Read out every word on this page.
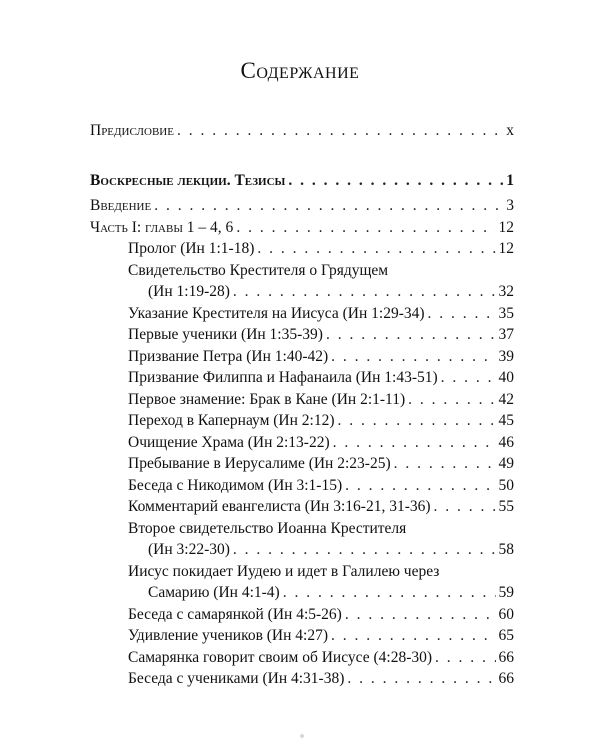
Содержание
Предисловие . . .	x
Воскресные лекции. Тезисы . . .	1
Введение . . .	3
Часть I: главы 1 – 4, 6 . . .	12
Пролог (Ин 1:1-18) . . .	12
Свидетельство Крестителя о Грядущем
(Ин 1:19-28) . . .	32
Указание Крестителя на Иисуса (Ин 1:29-34) . . .	35
Первые ученики (Ин 1:35-39) . . .	37
Призвание Петра (Ин 1:40-42) . . .	39
Призвание Филиппа и Нафанаила (Ин 1:43-51) . . .	40
Первое знамение: Брак в Кане (Ин 2:1-11) . . .	42
Переход в Капернаум (Ин 2:12) . . .	45
Очищение Храма (Ин 2:13-22) . . .	46
Пребывание в Иерусалиме (Ин 2:23-25) . . .	49
Беседа с Никодимом (Ин 3:1-15) . . .	50
Комментарий евангелиста (Ин 3:16-21, 31-36) . . .	55
Второе свидетельство Иоанна Крестителя
(Ин 3:22-30) . . .	58
Иисус покидает Иудею и идет в Галилею через
Самарию (Ин 4:1-4) . . .	59
Беседа с самарянкой (Ин 4:5-26) . . .	60
Удивление учеников (Ин 4:27) . . .	65
Самарянка говорит своим об Иисусе (4:28-30) . . .	66
Беседа с учениками (Ин 4:31-38) . . .	66
